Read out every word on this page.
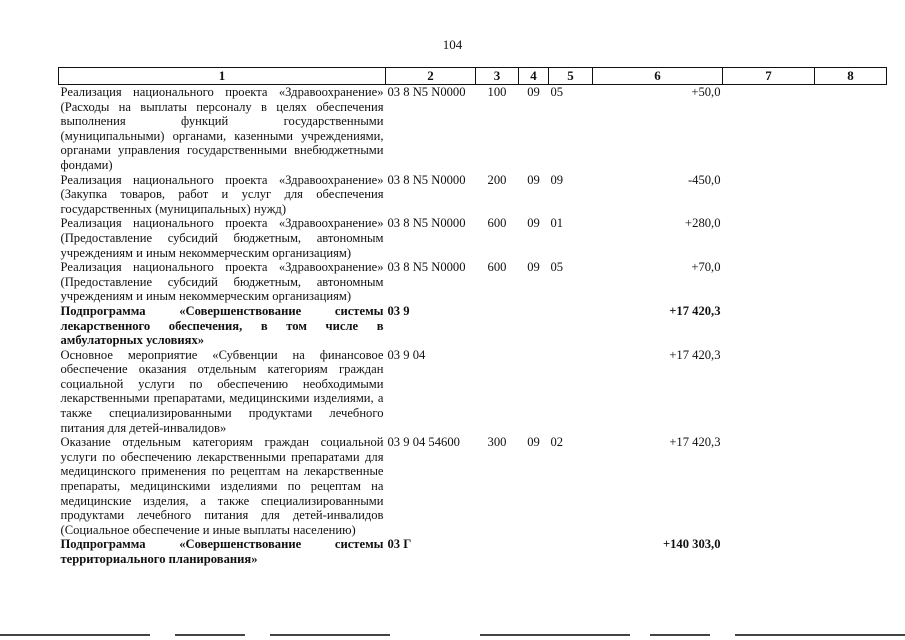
104
1	2	3	4	5	6	7	8
Реализация национального проекта «Здравоохранение» (Расходы на выплаты персоналу в целях обеспечения выполнения функций государственными (муниципальными) органами, казенными учреждениями, органами управления государственными внебюджетными фондами)	03 8 N5 N0000	100	09	05	+50,0		
Реализация национального проекта «Здравоохранение» (Закупка товаров, работ и услуг для обеспечения государственных (муниципальных) нужд)	03 8 N5 N0000	200	09	09	-450,0		
Реализация национального проекта «Здравоохранение» (Предоставление субсидий бюджетным, автономным учреждениям и иным некоммерческим организациям)	03 8 N5 N0000	600	09	01	+280,0		
Реализация национального проекта «Здравоохранение» (Предоставление субсидий бюджетным, автономным учреждениям и иным некоммерческим организациям)	03 8 N5 N0000	600	09	05	+70,0		
Подпрограмма «Совершенствование системы лекарственного обеспечения, в том числе в амбулаторных условиях»	03 9				+17 420,3		
Основное мероприятие «Субвенции на финансовое обеспечение оказания отдельным категориям граждан социальной услуги по обеспечению необходимыми лекарственными препаратами, медицинскими изделиями, а также специализированными продуктами лечебного питания для детей-инвалидов»	03 9 04				+17 420,3		
Оказание отдельным категориям граждан социальной услуги по обеспечению лекарственными препаратами для медицинского применения по рецептам на лекарственные препараты, медицинскими изделиями по рецептам на медицинские изделия, а также специализированными продуктами лечебного питания для детей-инвалидов (Социальное обеспечение и иные выплаты населению)	03 9 04 54600	300	09	02	+17 420,3		
Подпрограмма «Совершенствование системы территориального планирования»	03 Г				+140 303,0		
